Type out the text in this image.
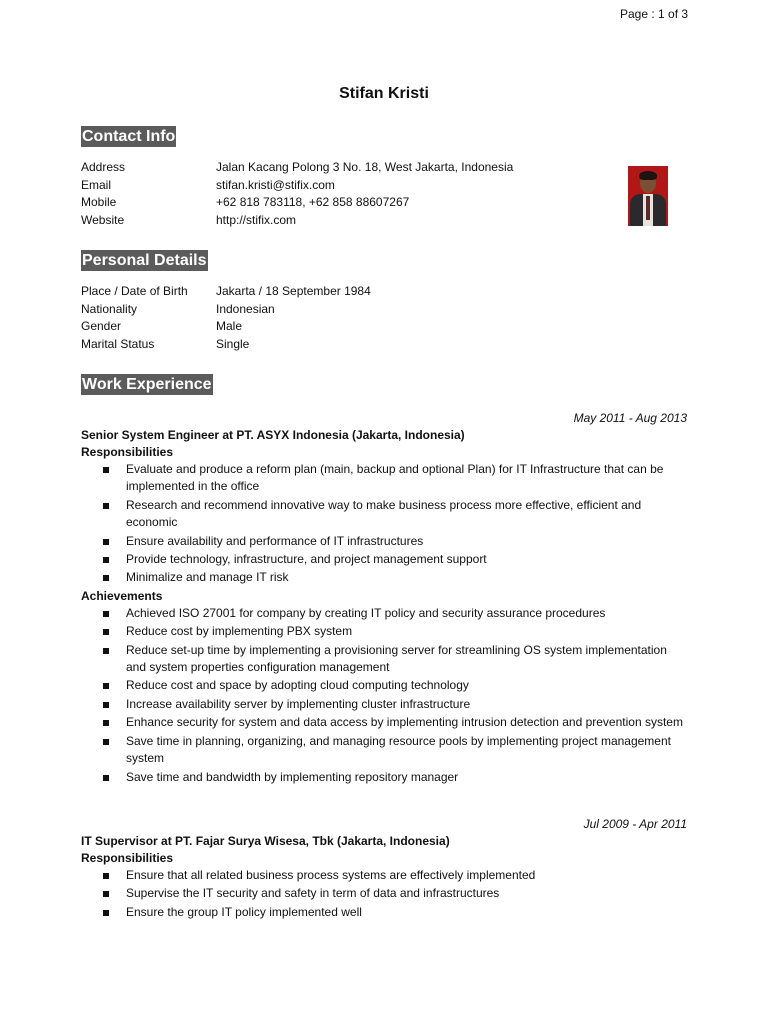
Page : 1 of 3
Stifan Kristi
Contact Info
Address	Jalan Kacang Polong 3 No. 18, West Jakarta, Indonesia
Email	stifan.kristi@stifix.com
Mobile	+62 818 783118, +62 858 88607267
Website	http://stifix.com
Personal Details
Place / Date of Birth	Jakarta / 18 September 1984
Nationality	Indonesian
Gender	Male
Marital Status	Single
Work Experience
May 2011 - Aug 2013
Senior System Engineer at PT. ASYX Indonesia (Jakarta, Indonesia)
Responsibilities
Evaluate and produce a reform plan (main, backup and optional Plan) for IT Infrastructure that can be implemented in the office
Research and recommend innovative way to make business process more effective, efficient and economic
Ensure availability and performance of IT infrastructures
Provide technology, infrastructure, and project management support
Minimalize and manage IT risk
Achievements
Achieved ISO 27001 for company by creating IT policy and security assurance procedures
Reduce cost by implementing PBX system
Reduce set-up time by implementing a provisioning server for streamlining OS system implementation and system properties configuration management
Reduce cost and space by adopting cloud computing technology
Increase availability server by implementing cluster infrastructure
Enhance security for system and data access by implementing intrusion detection and prevention system
Save time in planning, organizing, and managing resource pools by implementing project management system
Save time and bandwidth by implementing repository manager
Jul 2009 - Apr 2011
IT Supervisor at PT. Fajar Surya Wisesa, Tbk (Jakarta, Indonesia)
Responsibilities
Ensure that all related business process systems are effectively implemented
Supervise the IT security and safety in term of data and infrastructures
Ensure the group IT policy implemented well
